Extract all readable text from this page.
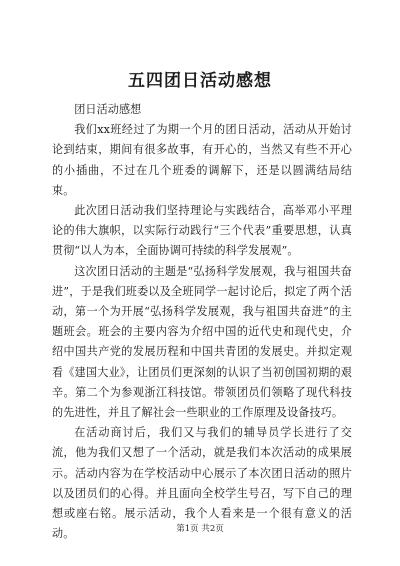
五四团日活动感想

团日活动感想

我们xx班经过了为期一个月的团日活动，活动从开始讨论到结束，期间有很多故事，有开心的，当然又有些不开心的小插曲，不过在几个班委的调解下，还是以圆满结局结束。

此次团日活动我们坚持理论与实践结合，高举邓小平理论的伟大旗帜，以实际行动践行“三个代表”重要思想，认真贯彻“以人为本，全面协调可持续的科学发展观”。

这次团日活动的主题是“弘扬科学发展观，我与祖国共奋进”，于是我们班委以及全班同学一起讨论后，拟定了两个活动，第一个为开展“弘扬科学发展观，我与祖国共奋进”的主题班会。班会的主要内容为介绍中国的近代史和现代史，介绍中国共产党的发展历程和中国共青团的发展史。并拟定观看《建国大业》，让团员们更深刻的认识了当初创国初期的艰辛。第二个为参观浙江科技馆。带领团员们领略了现代科技的先进性，并且了解社会一些职业的工作原理及设备技巧。

在活动商讨后，我们又与我们的辅导员学长进行了交流，他为我们又想了一个活动，就是我们本次活动的成果展示。活动内容为在学校活动中心展示了本次团日活动的照片以及团员们的心得。并且面向全校学生号召，写下自己的理想或座右铭。展示活动，我个人看来是一个很有意义的活动。	第1页 共2页
